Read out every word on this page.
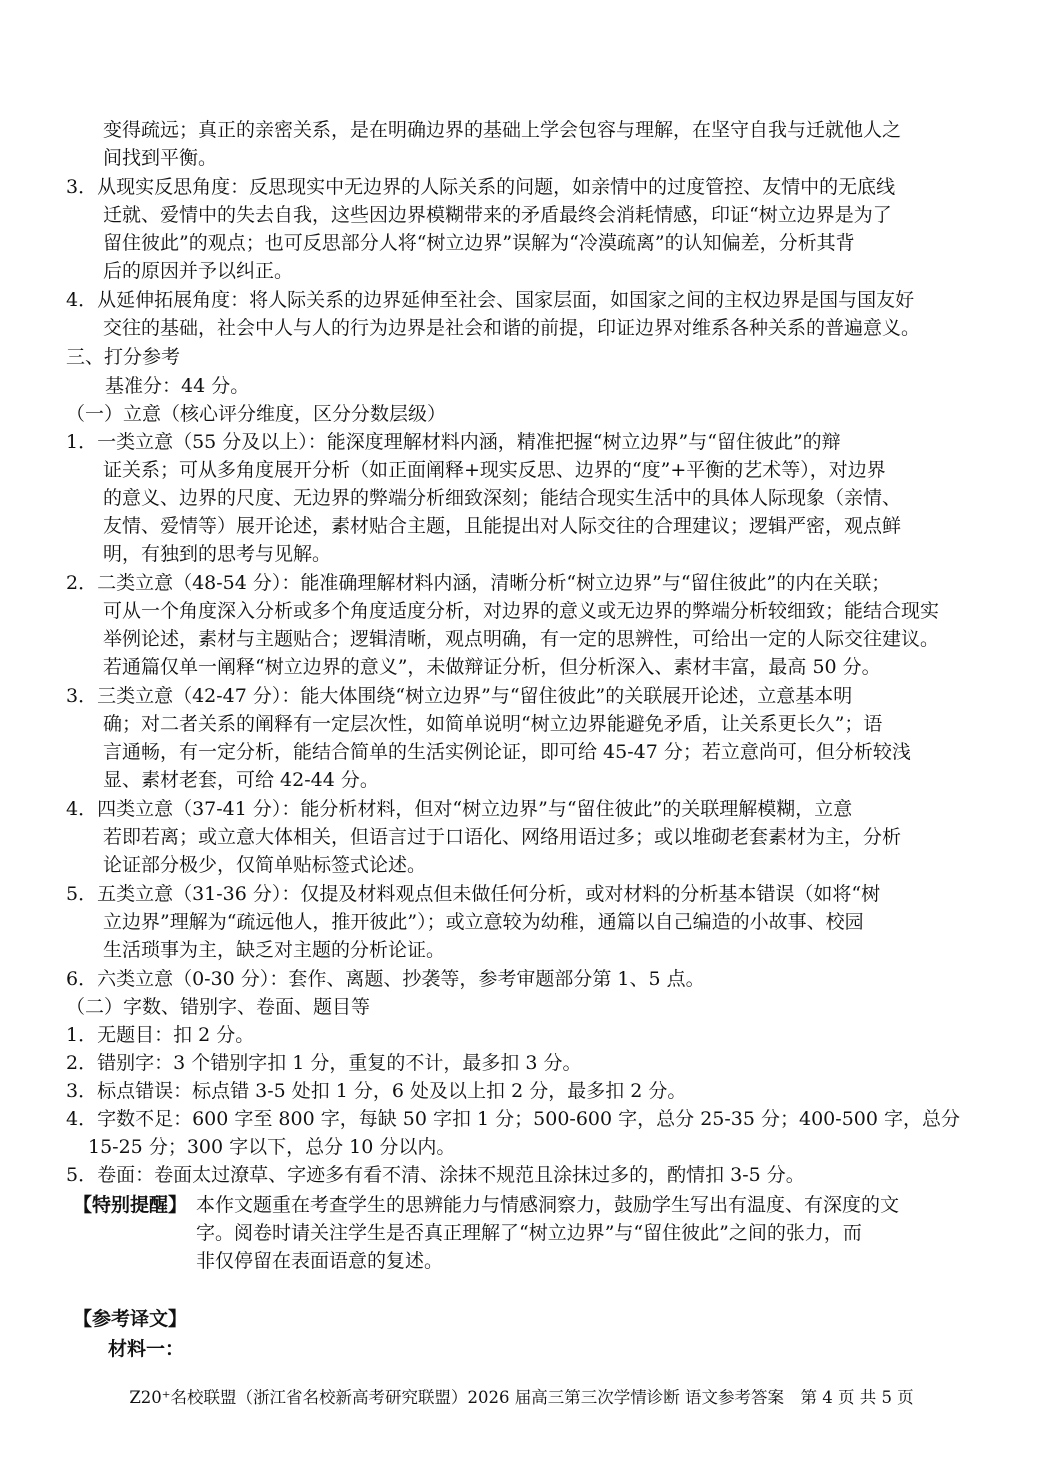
变得疏远；真正的亲密关系，是在明确边界的基础上学会包容与理解，在坚守自我与迁就他人之
间找到平衡。
3．从现实反思角度：反思现实中无边界的人际关系的问题，如亲情中的过度管控、友情中的无底线
迁就、爱情中的失去自我，这些因边界模糊带来的矛盾最终会消耗情感，印证“树立边界是为了
留住彼此”的观点；也可反思部分人将“树立边界”误解为“冷漠疏离”的认知偏差，分析其背
后的原因并予以纠正。
4．从延伸拓展角度：将人际关系的边界延伸至社会、国家层面，如国家之间的主权边界是国与国友好
交往的基础，社会中人与人的行为边界是社会和谐的前提，印证边界对维系各种关系的普遍意义。
三、打分参考
基准分：44 分。
（一）立意（核心评分维度，区分分数层级）
1．一类立意（55 分及以上）：能深度理解材料内涵，精准把握“树立边界”与“留住彼此”的辩
证关系；可从多角度展开分析（如正面阐释+现实反思、边界的“度”+平衡的艺术等），对边界
的意义、边界的尺度、无边界的弊端分析细致深刻；能结合现实生活中的具体人际现象（亲情、
友情、爱情等）展开论述，素材贴合主题，且能提出对人际交往的合理建议；逻辑严密，观点鲜
明，有独到的思考与见解。
2．二类立意（48-54 分）：能准确理解材料内涵，清晰分析“树立边界”与“留住彼此”的内在关联；
可从一个角度深入分析或多个角度适度分析，对边界的意义或无边界的弊端分析较细致；能结合现实
举例论述，素材与主题贴合；逻辑清晰，观点明确，有一定的思辨性，可给出一定的人际交往建议。
若通篇仅单一阐释“树立边界的意义”，未做辩证分析，但分析深入、素材丰富，最高 50 分。
3．三类立意（42-47 分）：能大体围绕“树立边界”与“留住彼此”的关联展开论述，立意基本明
确；对二者关系的阐释有一定层次性，如简单说明“树立边界能避免矛盾，让关系更长久”；语
言通畅，有一定分析，能结合简单的生活实例论证，即可给 45-47 分；若立意尚可，但分析较浅
显、素材老套，可给 42-44 分。
4．四类立意（37-41 分）：能分析材料，但对“树立边界”与“留住彼此”的关联理解模糊，立意
若即若离；或立意大体相关，但语言过于口语化、网络用语过多；或以堆砌老套素材为主，分析
论证部分极少，仅简单贴标签式论述。
5．五类立意（31-36 分）：仅提及材料观点但未做任何分析，或对材料的分析基本错误（如将“树
立边界”理解为“疏远他人，推开彼此”）；或立意较为幼稚，通篇以自己编造的小故事、校园
生活琐事为主，缺乏对主题的分析论证。
6．六类立意（0-30 分）：套作、离题、抄袭等，参考审题部分第 1、5 点。
（二）字数、错别字、卷面、题目等
1．无题目：扣 2 分。
2．错别字：3 个错别字扣 1 分，重复的不计，最多扣 3 分。
3．标点错误：标点错 3-5 处扣 1 分，6 处及以上扣 2 分，最多扣 2 分。
4．字数不足：600 字至 800 字，每缺 50 字扣 1 分；500-600 字，总分 25-35 分；400-500 字，总分
15-25 分；300 字以下，总分 10 分以内。
5．卷面：卷面太过潦草、字迹多有看不清、涂抹不规范且涂抹过多的，酌情扣 3-5 分。
【特别提醒】 本作文题重在考查学生的思辨能力与情感洞察力，鼓励学生写出有温度、有深度的文
字。阅卷时请关注学生是否真正理解了“树立边界”与“留住彼此”之间的张力，而
非仅停留在表面语意的复述。
【参考译文】
材料一：
Z20⁺名校联盟（浙江省名校新高考研究联盟）2026 届高三第三次学情诊断 语文参考答案　第 4 页 共 5 页
